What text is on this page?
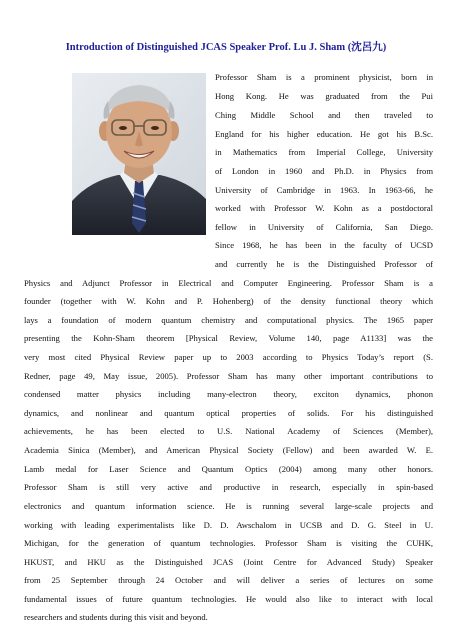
Introduction of Distinguished JCAS Speaker Prof. Lu J. Sham (沈呂九)
Professor Sham is a prominent physicist, born in
Hong Kong. He was graduated from the Pui
Ching Middle School and then traveled to
England for his higher education. He got his B.Sc.
in Mathematics from Imperial College, University
of London in 1960 and Ph.D. in Physics from
University of Cambridge in 1963. In 1963-66, he
worked with Professor W. Kohn as a postdoctoral
fellow in University of California, San Diego.
Since 1968, he has been in the faculty of UCSD
and currently he is the Distinguished Professor of
Physics and Adjunct Professor in Electrical and Computer Engineering. Professor Sham is a
founder (together with W. Kohn and P. Hohenberg) of the density functional theory which
lays a foundation of modern quantum chemistry and computational physics. The 1965 paper
presenting the Kohn-Sham theorem [Physical Review, Volume 140, page A1133] was the
very most cited Physical Review paper up to 2003 according to Physics Today’s report (S.
Redner, page 49, May issue, 2005). Professor Sham has many other important contributions to
condensed matter physics including many-electron theory, exciton dynamics, phonon
dynamics, and nonlinear and quantum optical properties of solids. For his distinguished
achievements, he has been elected to U.S. National Academy of Sciences (Member),
Academia Sinica (Member), and American Physical Society (Fellow) and been awarded W. E.
Lamb medal for Laser Science and Quantum Optics (2004) among many other honors.
Professor Sham is still very active and productive in research, especially in spin-based
electronics and quantum information science. He is running several large-scale projects and
working with leading experimentalists like D. D. Awschalom in UCSB and D. G. Steel in U.
Michigan, for the generation of quantum technologies. Professor Sham is visiting the CUHK,
HKUST, and HKU as the Distinguished JCAS (Joint Centre for Advanced Study) Speaker
from 25 September through 24 October and will deliver a series of lectures on some
fundamental issues of future quantum technologies. He would also like to interact with local
researchers and students during this visit and beyond.
